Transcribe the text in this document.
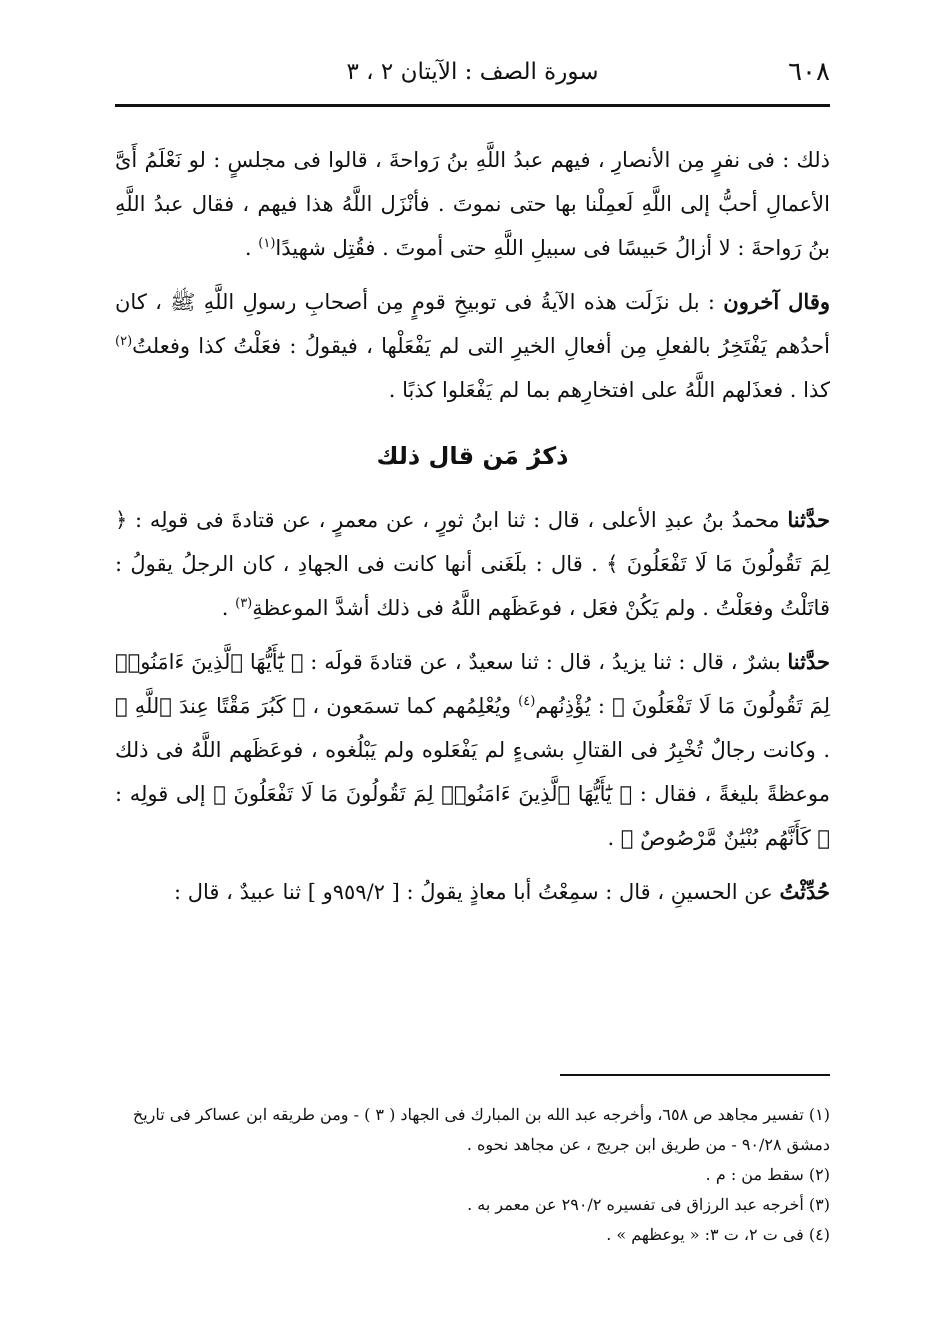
٦٠٨
سورة الصف : الآيتان ٢ ، ٣

ذلك : فى نفرٍ مِن الأنصارِ ، فيهم عبدُ اللَّهِ بنُ رَواحةَ ، قالوا فى مجلسٍ : لو نَعْلَمُ أَىَّ الأعمالِ أحبُّ إلى اللَّهِ لَعمِلْنا بها حتى نموتَ . فأنْزَل اللَّهُ هذا فيهم ، فقال عبدُ اللَّهِ بنُ رَواحةَ : لا أزالُ حَبيسًا فى سبيلِ اللَّهِ حتى أموتَ . فقُتِل شهيدًا$^{(١)}$ .

وقال آخرون : بل نزَلَت هذه الآيةُ فى توبيخِ قومٍ مِن أصحابِ رسولِ اللَّهِ ﷺ ، كان أحدُهم يَفْتَخِرُ بالفعلِ مِن أفعالِ الخيرِ التى لم يَفْعَلْها ، فيقولُ : فعَلْتُ كذا وفعلتُ$^{(٢)}$ كذا . فعذَلهم اللَّهُ على افتخارِهم بما لم يَفْعَلوا كذبًا .

ذكرُ مَن قال ذلك

حدَّثنا محمدُ بنُ عبدِ الأعلى ، قال : ثنا ابنُ ثورٍ ، عن معمرٍ ، عن قتادةَ فى قولِه : ﴿ لِمَ تَقُولُونَ مَا لَا تَفْعَلُونَ ﴾ . قال : بلَغَنى أنها كانت فى الجهادِ ، كان الرجلُ يقولُ : قاتَلْتُ وفعَلْتُ . ولم يَكُنْ فعَل ، فوعَظَهم اللَّهُ فى ذلك أشدَّ الموعظةِ$^{(٣)}$ .

حدَّثنا بشرٌ ، قال : ثنا يزيدُ ، قال : ثنا سعيدٌ ، عن قتادةَ قولَه : ﴿ يَٰٓأَيُّهَا ٱلَّذِينَ ءَامَنُوا۟ لِمَ تَقُولُونَ مَا لَا تَفْعَلُونَ ﴾ : يُؤْذِنُهم$^{(٤)}$ ويُعْلِمُهم كما تسمَعون ، ﴿ كَبُرَ مَقْتًا عِندَ ٱللَّهِ ﴾ . وكانت رجالٌ تُخْبِرُ فى القتالِ بشىءٍ لم يَفْعَلوه ولم يَبْلُغوه ، فوعَظَهم اللَّهُ فى ذلك موعظةً بليغةً ، فقال : ﴿ يَٰٓأَيُّهَا ٱلَّذِينَ ءَامَنُوا۟ لِمَ تَقُولُونَ مَا لَا تَفْعَلُونَ ﴾ إلى قولِه : ﴿ كَأَنَّهُم بُنْيَٰنٌ مَّرْصُوصٌ ﴾ .

حُدِّثْتُ عن الحسينِ ، قال : سمِعْتُ أبا معاذٍ يقولُ : [ ٩٥٩/٢و ] ثنا عبيدٌ ، قال :

(١) تفسير مجاهد ص ٦٥٨، وأخرجه عبد الله بن المبارك فى الجهاد ( ٣ ) - ومن طريقه ابن عساكر فى تاريخ دمشق ٩٠/٢٨ - من طريق ابن جريج ، عن مجاهد نحوه .

(٢) سقط من : م .

(٣) أخرجه عبد الرزاق فى تفسيره ٢٩٠/٢ عن معمر به .

(٤) فى ت ٢، ت ٣: « يوعظهم » .
